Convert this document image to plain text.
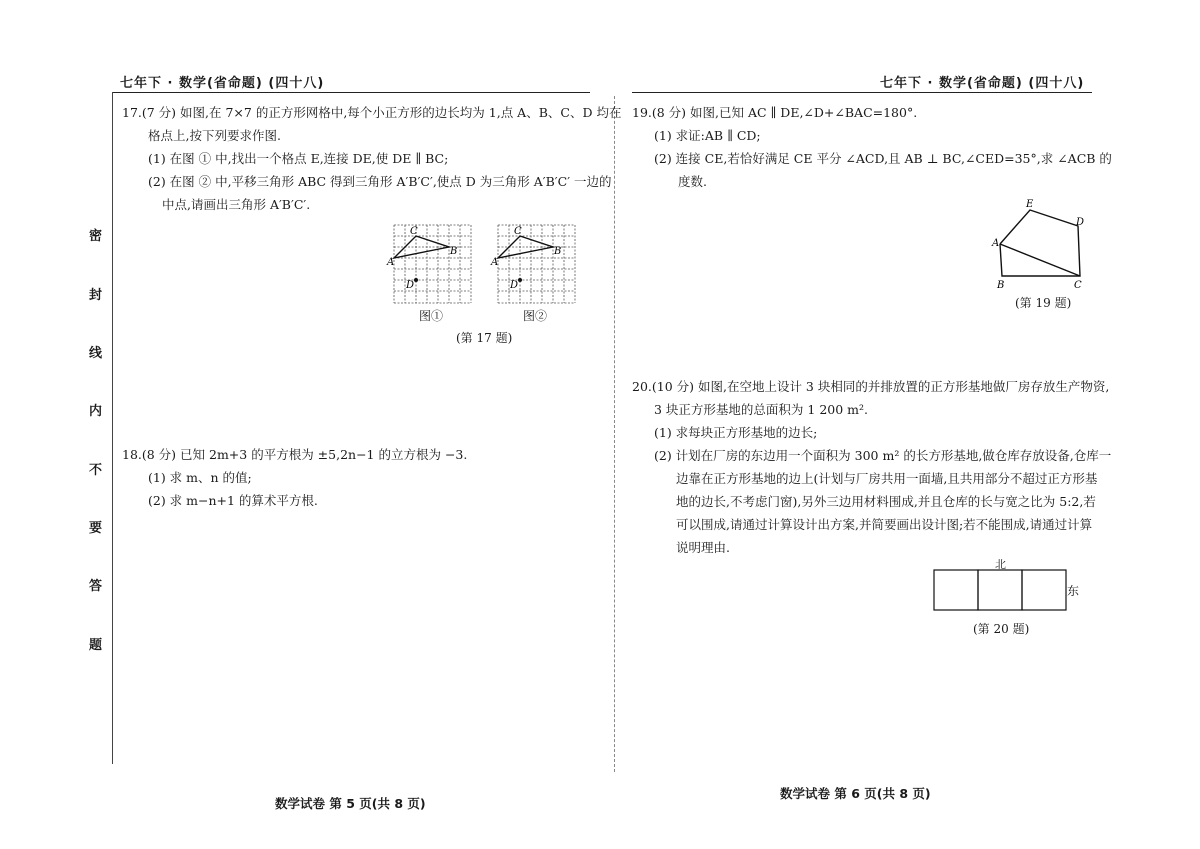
七年下 · 数学(省命题) (四十八)	七年下 · 数学(省命题) (四十八)
密
封
线
内
不
要
答
题
17.(7 分) 如图,在 7×7 的正方形网格中,每个小正方形的边长均为 1,点 A、B、C、D 均在
格点上,按下列要求作图.
(1) 在图 ① 中,找出一个格点 E,连接 DE,使 DE ∥ BC;
(2) 在图 ② 中,平移三角形 ABC 得到三角形 A′B′C′,使点 D 为三角形 A′B′C′ 一边的
中点,请画出三角形 A′B′C′.
A
C
B
D
图①
A
C
B
D
图②
(第 17 题)
18.(8 分) 已知 2m+3 的平方根为 ±5,2n−1 的立方根为 −3.
(1) 求 m、n 的值;
(2) 求 m−n+1 的算术平方根.
19.(8 分) 如图,已知 AC ∥ DE,∠D+∠BAC=180°.
(1) 求证:AB ∥ CD;
(2) 连接 CE,若恰好满足 CE 平分 ∠ACD,且 AB ⊥ BC,∠CED=35°,求 ∠ACB 的
度数.
A
E
D
B	C
(第 19 题)
20.(10 分) 如图,在空地上设计 3 块相同的并排放置的正方形基地做厂房存放生产物资,
3 块正方形基地的总面积为 1 200 m².
(1) 求每块正方形基地的边长;
(2) 计划在厂房的东边用一个面积为 300 m² 的长方形基地,做仓库存放设备,仓库一
边靠在正方形基地的边上(计划与厂房共用一面墙,且共用部分不超过正方形基
地的边长,不考虑门窗),另外三边用材料围成,并且仓库的长与宽之比为 5:2,若
可以围成,请通过计算设计出方案,并简要画出设计图;若不能围成,请通过计算
说明理由.
北
东
(第 20 题)
数学试卷 第 5 页(共 8 页)
数学试卷 第 6 页(共 8 页)
